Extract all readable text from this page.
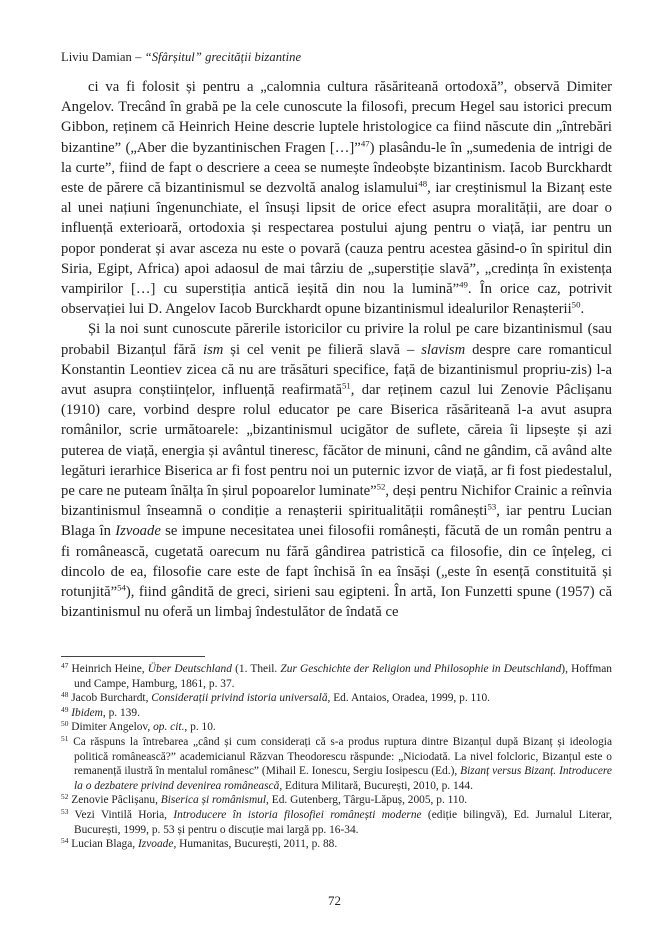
Liviu Damian – “Sfârșitul” grecității bizantine

ci va fi folosit și pentru a „calomnia cultura răsăriteană ortodoxă”, observă Dimiter Angelov. Trecând în grabă pe la cele cunoscute la filosofi, precum Hegel sau istorici precum Gibbon, reținem că Heinrich Heine descrie luptele hristologice ca fiind născute din „întrebări bizantine” („Aber die byzantinischen Fragen […]”$^{47}$) plasându-le în „sumedenia de intrigi de la curte”, fiind de fapt o descriere a ceea se numește îndeobște bizantinism. Iacob Burckhardt este de părere că bizantinismul se dezvoltă analog islamului$^{48}$, iar creștinismul la Bizanț este al unei națiuni îngenunchiate, el însuși lipsit de orice efect asupra moralității, are doar o influență exterioară, ortodoxia și respectarea postului ajung pentru o viață, iar pentru un popor ponderat și avar asceza nu este o povară (cauza pentru acestea găsind-o în spiritul din Siria, Egipt, Africa) apoi adaosul de mai târziu de „superstiție slavă”, „credința în existența vampirilor […] cu superstiția antică ieșită din nou la lumină”$^{49}$. În orice caz, potrivit observației lui D. Angelov Iacob Burckhardt opune bizantinismul idealurilor Renașterii$^{50}$.

Și la noi sunt cunoscute părerile istoricilor cu privire la rolul pe care bizantinismul (sau probabil Bizanțul fără ism și cel venit pe filieră slavă – slavism despre care romanticul Konstantin Leontiev zicea că nu are trăsături specifice, față de bizantinismul propriu-zis) l-a avut asupra conștiințelor, influență reafirmată$^{51}$, dar reținem cazul lui Zenovie Pâclișanu (1910) care, vorbind despre rolul educator pe care Biserica răsăriteană l-a avut asupra românilor, scrie următoarele: „bizantinismul ucigător de suflete, căreia îi lipsește și azi puterea de viață, energia și avântul tineresc, făcător de minuni, când ne gândim, că având alte legături ierarhice Biserica ar fi fost pentru noi un puternic izvor de viață, ar fi fost piedestalul, pe care ne puteam înălța în șirul popoarelor luminate”$^{52}$, deși pentru Nichifor Crainic a reînvia bizantinismul înseamnă o condiție a renașterii spiritualității românești$^{53}$, iar pentru Lucian Blaga în Izvoade se impune necesitatea unei filosofii românești, făcută de un român pentru a fi românească, cugetată oarecum nu fără gândirea patristică ca filosofie, din ce înțeleg, ci dincolo de ea, filosofie care este de fapt închisă în ea însăși („este în esență constituită și rotunjită”$^{54}$), fiind gândită de greci, sirieni sau egipteni. În artă, Ion Funzetti spune (1957) că bizantinismul nu oferă un limbaj îndestulător de îndată ce

$^{47}$ Heinrich Heine, Über Deutschland (1. Theil. Zur Geschichte der Religion und Philosophie in Deutschland), Hoffman und Campe, Hamburg, 1861, p. 37.

$^{48}$ Jacob Burchardt, Considerații privind istoria universală, Ed. Antaios, Oradea, 1999, p. 110.

$^{49}$ Ibidem, p. 139.

$^{50}$ Dimiter Angelov, op. cit., p. 10.

$^{51}$ Ca răspuns la întrebarea „când și cum considerați că s-a produs ruptura dintre Bizanțul după Bizanț și ideologia politică românească?” academicianul Răzvan Theodorescu răspunde: „Niciodată. La nivel folcloric, Bizanțul este o remanență ilustră în mentalul românesc” (Mihail E. Ionescu, Sergiu Iosipescu (Ed.), Bizanț versus Bizanț. Introducere la o dezbatere privind devenirea românească, Editura Militară, București, 2010, p. 144.

$^{52}$ Zenovie Pâclișanu, Biserica și românismul, Ed. Gutenberg, Târgu-Lăpuș, 2005, p. 110.

$^{53}$ Vezi Vintilă Horia, Introducere în istoria filosofiei românești moderne (ediție bilingvă), Ed. Jurnalul Literar, București, 1999, p. 53 și pentru o discuție mai largă pp. 16-34.

$^{54}$ Lucian Blaga, Izvoade, Humanitas, București, 2011, p. 88.

72
